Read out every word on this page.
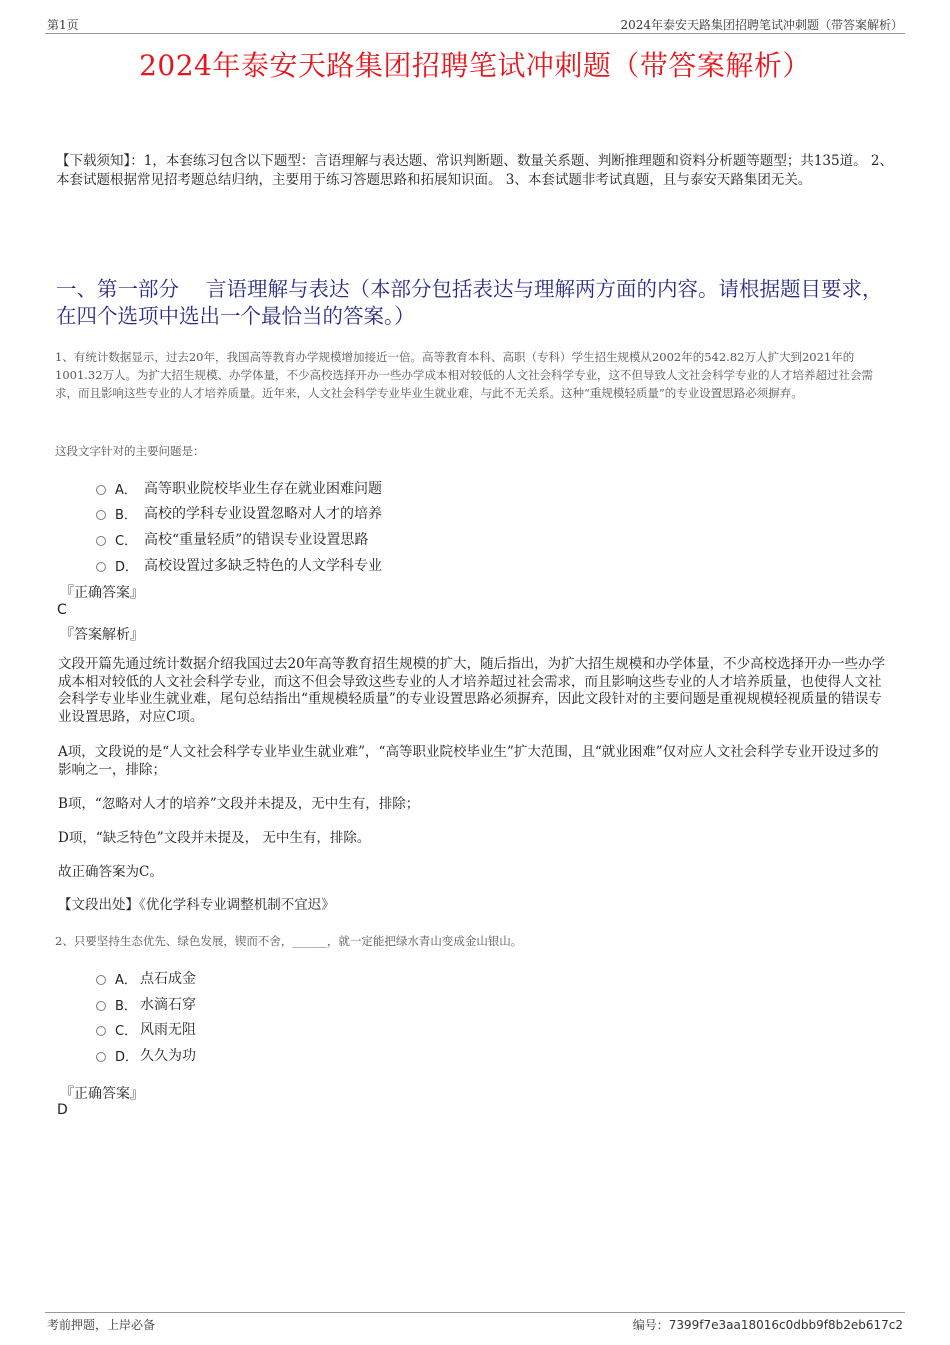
第1页	2024年泰安天路集团招聘笔试冲刺题（带答案解析）
2024年泰安天路集团招聘笔试冲刺题（带答案解析）
【下载须知】：1，本套练习包含以下题型：言语理解与表达题、常识判断题、数量关系题、判断推理题和资料分析题等题型；共135道。 2、本套试题根据常见招考题总结归纳，主要用于练习答题思路和拓展知识面。 3、本套试题非考试真题，且与泰安天路集团无关。
一、第一部分　 言语理解与表达（本部分包括表达与理解两方面的内容。请根据题目要求，在四个选项中选出一个最恰当的答案。）
1、有统计数据显示，过去20年，我国高等教育办学规模增加接近一倍。高等教育本科、高职（专科）学生招生规模从2002年的542.82万人扩大到2021年的1001.32万人。为扩大招生规模、办学体量，不少高校选择开办一些办学成本相对较低的人文社会科学专业，这不但导致人文社会科学专业的人才培养超过社会需求，而且影响这些专业的人才培养质量。近年来，人文社会科学专业毕业生就业难，与此不无关系。这种“重规模轻质量”的专业设置思路必须摒弃。
这段文字针对的主要问题是：
A． 高等职业院校毕业生存在就业困难问题
B． 高校的学科专业设置忽略对人才的培养
C． 高校“重量轻质”的错误专业设置思路
D． 高校设置过多缺乏特色的人文学科专业
『正确答案』
C
『答案解析』
文段开篇先通过统计数据介绍我国过去20年高等教育招生规模的扩大，随后指出，为扩大招生规模和办学体量，不少高校选择开办一些办学成本相对较低的人文社会科学专业，而这不但会导致这些专业的人才培养超过社会需求，而且影响这些专业的人才培养质量，也使得人文社会科学专业毕业生就业难，尾句总结指出“重规模轻质量”的专业设置思路必须摒弃，因此文段针对的主要问题是重视规模轻视质量的错误专业设置思路，对应C项。
A项，文段说的是“人文社会科学专业毕业生就业难”，“高等职业院校毕业生”扩大范围，且“就业困难”仅对应人文社会科学专业开设过多的影响之一，排除；
B项，“忽略对人才的培养”文段并未提及，无中生有，排除；
D项，“缺乏特色”文段并未提及， 无中生有，排除。
故正确答案为C。
【文段出处】《优化学科专业调整机制不宜迟》
2、只要坚持生态优先、绿色发展，锲而不舍，______，就一定能把绿水青山变成金山银山。
A． 点石成金
B． 水滴石穿
C． 风雨无阻
D． 久久为功
『正确答案』
D
考前押题，上岸必备	编号：7399f7e3aa18016c0dbb9f8b2eb617c2
